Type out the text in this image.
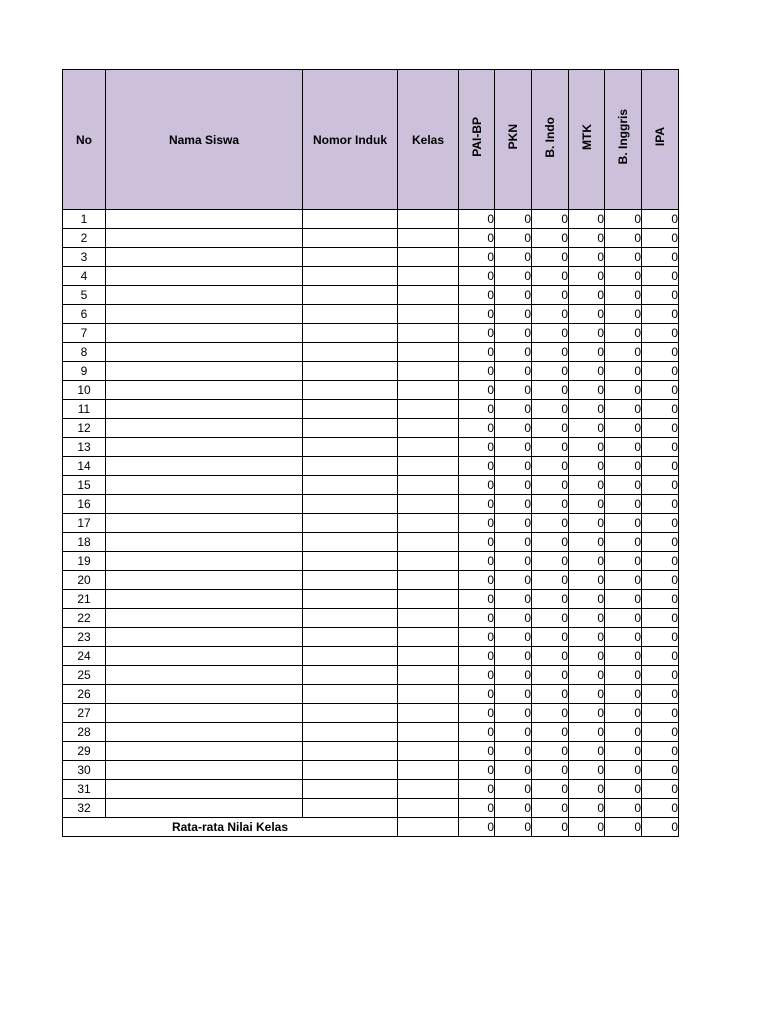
No	Nama Siswa	Nomor Induk	Kelas	PAI-BP	PKN	B. Indo	MTK	B. Inggris	IPA
1				0	0	0	0	0	0
2				0	0	0	0	0	0
3				0	0	0	0	0	0
4				0	0	0	0	0	0
5				0	0	0	0	0	0
6				0	0	0	0	0	0
7				0	0	0	0	0	0
8				0	0	0	0	0	0
9				0	0	0	0	0	0
10				0	0	0	0	0	0
11				0	0	0	0	0	0
12				0	0	0	0	0	0
13				0	0	0	0	0	0
14				0	0	0	0	0	0
15				0	0	0	0	0	0
16				0	0	0	0	0	0
17				0	0	0	0	0	0
18				0	0	0	0	0	0
19				0	0	0	0	0	0
20				0	0	0	0	0	0
21				0	0	0	0	0	0
22				0	0	0	0	0	0
23				0	0	0	0	0	0
24				0	0	0	0	0	0
25				0	0	0	0	0	0
26				0	0	0	0	0	0
27				0	0	0	0	0	0
28				0	0	0	0	0	0
29				0	0	0	0	0	0
30				0	0	0	0	0	0
31				0	0	0	0	0	0
32				0	0	0	0	0	0
Rata-rata Nilai Kelas				0	0	0	0	0	0
